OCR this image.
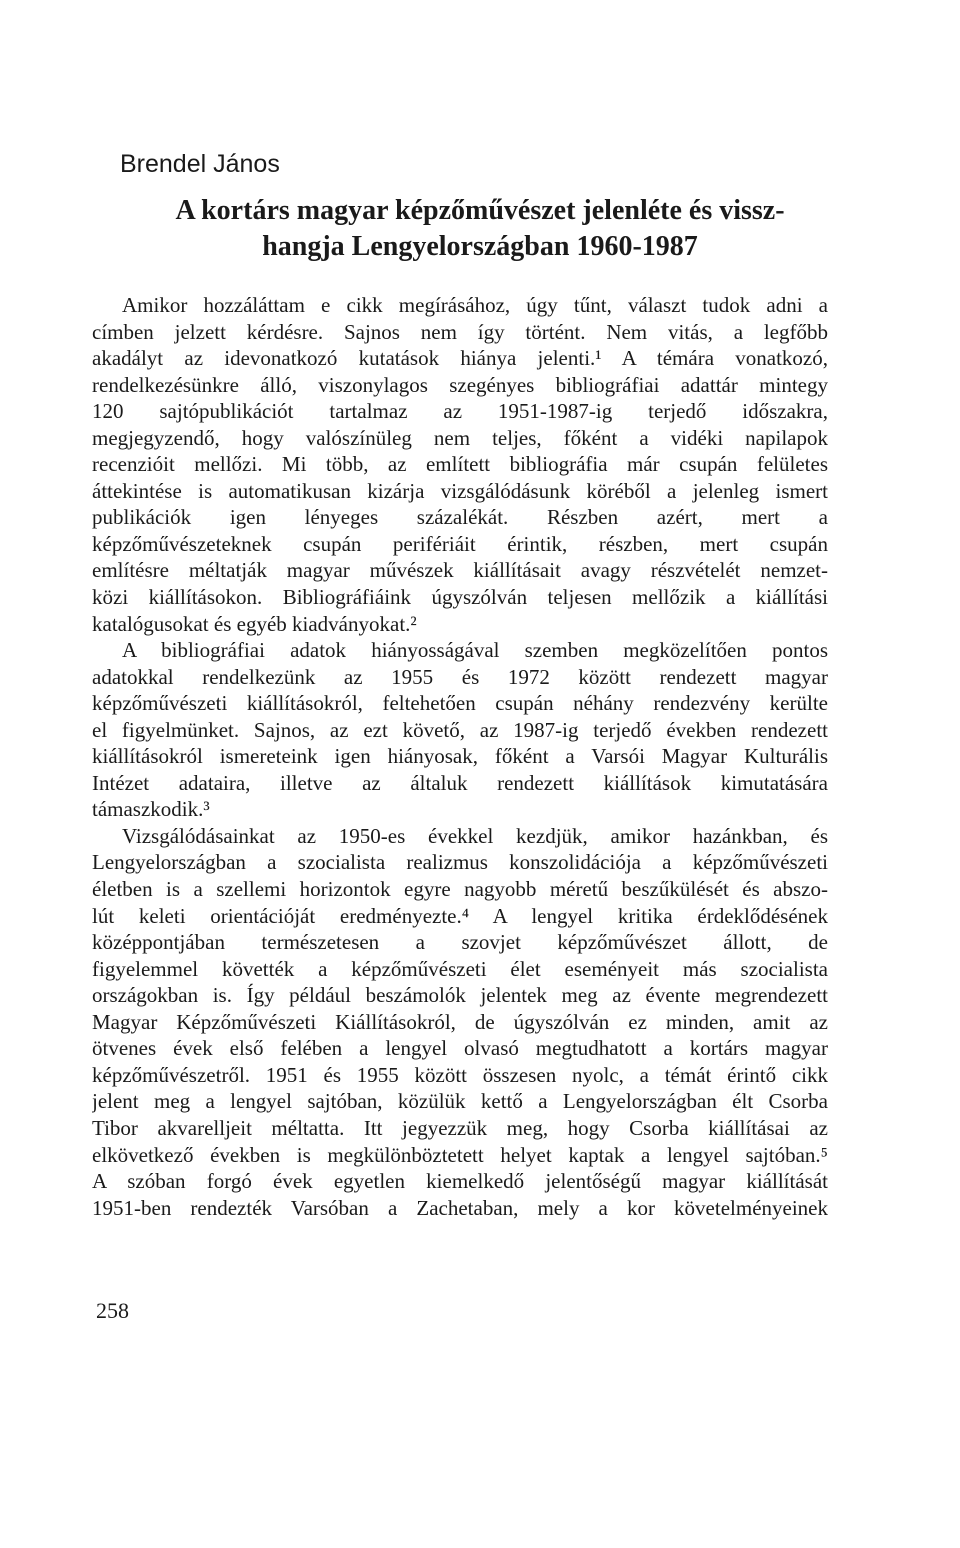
Brendel János
A kortárs magyar képzőművészet jelenléte és vissz-
hangja Lengyelországban 1960-1987
Amikor hozzáláttam e cikk megírásához, úgy tűnt, választ tudok adni a
címben jelzett kérdésre. Sajnos nem így történt. Nem vitás, a legfőbb
akadályt az idevonatkozó kutatások hiánya jelenti.¹ A témára vonatkozó,
rendelkezésünkre álló, viszonylagos szegényes bibliográfiai adattár mintegy
120 sajtópublikációt tartalmaz az 1951-1987-ig terjedő időszakra,
megjegyzendő, hogy valószínüleg nem teljes, főként a vidéki napilapok
recenzióit mellőzi. Mi több, az említett bibliográfia már csupán felületes
áttekintése is automatikusan kizárja vizsgálódásunk köréből a jelenleg ismert
publikációk igen lényeges százalékát. Részben azért, mert a
képzőművészeteknek csupán perifériáit érintik, részben, mert csupán
említésre méltatják magyar művészek kiállításait avagy részvételét nemzet-
közi kiállításokon. Bibliográfiáink úgyszólván teljesen mellőzik a kiállítási
katalógusokat és egyéb kiadványokat.²
A bibliográfiai adatok hiányosságával szemben megközelítően pontos
adatokkal rendelkezünk az 1955 és 1972 között rendezett magyar
képzőművészeti kiállításokról, feltehetően csupán néhány rendezvény kerülte
el figyelmünket. Sajnos, az ezt követő, az 1987-ig terjedő években rendezett
kiállításokról ismereteink igen hiányosak, főként a Varsói Magyar Kulturális
Intézet adataira, illetve az általuk rendezett kiállítások kimutatására
támaszkodik.³
Vizsgálódásainkat az 1950-es évekkel kezdjük, amikor hazánkban, és
Lengyelországban a szocialista realizmus konszolidációja a képzőművészeti
életben is a szellemi horizontok egyre nagyobb méretű beszűkülését és abszo-
lút keleti orientációját eredményezte.⁴ A lengyel kritika érdeklődésének
középpontjában természetesen a szovjet képzőművészet állott, de
figyelemmel követték a képzőművészeti élet eseményeit más szocialista
országokban is. Így például beszámolók jelentek meg az évente megrendezett
Magyar Képzőművészeti Kiállításokról, de úgyszólván ez minden, amit az
ötvenes évek első felében a lengyel olvasó megtudhatott a kortárs magyar
képzőművészetről. 1951 és 1955 között összesen nyolc, a témát érintő cikk
jelent meg a lengyel sajtóban, közülük kettő a Lengyelországban élt Csorba
Tibor akvarelljeit méltatta. Itt jegyezzük meg, hogy Csorba kiállításai az
elkövetkező években is megkülönböztetett helyet kaptak a lengyel sajtóban.⁵
A szóban forgó évek egyetlen kiemelkedő jelentőségű magyar kiállítását
1951-ben rendezték Varsóban a Zachetaban, mely a kor követelményeinek
258
